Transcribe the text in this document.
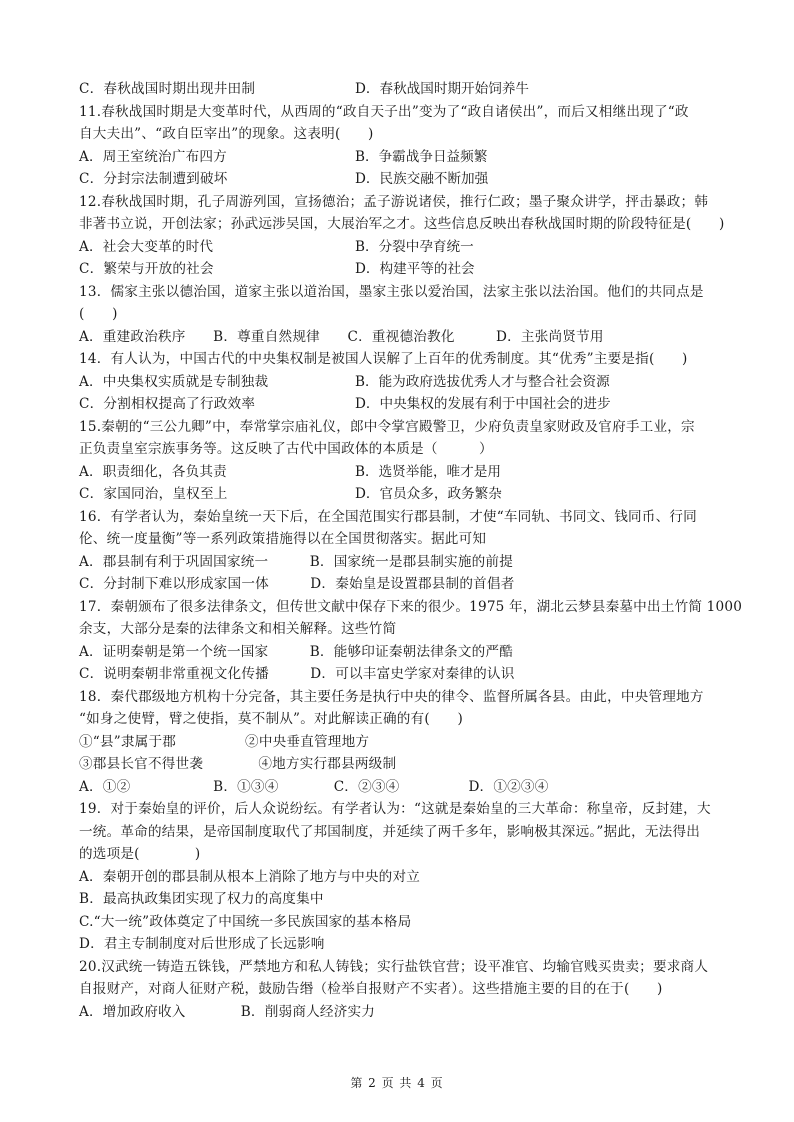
C．春秋战国时期出现井田制	D．春秋战国时期开始饲养牛
11.春秋战国时期是大变革时代，从西周的“政自天子出”变为了“政自诸侯出”，而后又相继出现了“政
自大夫出”、“政自臣宰出”的现象。这表明(　　)
A．周王室统治广布四方	B．争霸战争日益频繁
C．分封宗法制遭到破坏	D．民族交融不断加强
12.春秋战国时期，孔子周游列国，宣扬德治；孟子游说诸侯，推行仁政；墨子聚众讲学，抨击暴政；韩
非著书立说，开创法家；孙武远涉吴国，大展治军之才。这些信息反映出春秋战国时期的阶段特征是(　　)
A．社会大变革的时代	B．分裂中孕育统一
C．繁荣与开放的社会	D．构建平等的社会
13．儒家主张以德治国，道家主张以道治国，墨家主张以爱治国，法家主张以法治国。他们的共同点是
(　　)
A．重建政治秩序　　B．尊重自然规律　　C．重视德治教化　　　D．主张尚贤节用
14．有人认为，中国古代的中央集权制是被国人误解了上百年的优秀制度。其“优秀”主要是指(　　)
A．中央集权实质就是专制独裁	B．能为政府选拔优秀人才与整合社会资源
C．分割相权提高了行政效率	D．中央集权的发展有利于中国社会的进步
15.秦朝的“三公九卿”中，奉常掌宗庙礼仪，郎中令掌宫殿警卫，少府负责皇家财政及官府手工业，宗
正负责皇室宗族事务等。这反映了古代中国政体的本质是（　　　）
A．职责细化，各负其责	B．选贤举能，唯才是用
C．家国同治，皇权至上	D．官员众多，政务繁杂
16．有学者认为，秦始皇统一天下后，在全国范围实行郡县制，才使“车同轨、书同文、钱同币、行同
伦、统一度量衡”等一系列政策措施得以在全国贯彻落实。据此可知
A．郡县制有利于巩固国家统一　　　B．国家统一是郡县制实施的前提
C．分封制下难以形成家国一体　　　D．秦始皇是设置郡县制的首倡者
17．秦朝颁布了很多法律条文，但传世文献中保存下来的很少。1975 年，湖北云梦县秦墓中出土竹简 1000
余支，大部分是秦的法律条文和相关解释。这些竹简
A．证明秦朝是第一个统一国家　　　B．能够印证秦朝法律条文的严酷
C．说明秦朝非常重视文化传播　　　D．可以丰富史学家对秦律的认识
18．秦代郡级地方机构十分完备，其主要任务是执行中央的律令、监督所属各县。由此，中央管理地方
“如身之使臂，臂之使指，莫不制从”。对此解读正确的有(　　)
①“县”隶属于郡　　　　　②中央垂直管理地方
③郡县长官不得世袭　　　　④地方实行郡县两级制
A．①②　　　　　　B．①③④　　　　C．②③④　　　　　D．①②③④
19．对于秦始皇的评价，后人众说纷纭。有学者认为：“这就是秦始皇的三大革命：称皇帝，反封建，大
一统。革命的结果，是帝国制度取代了邦国制度，并延续了两千多年，影响极其深远。”据此，无法得出
的选项是(　　　　)
A．秦朝开创的郡县制从根本上消除了地方与中央的对立
B．最高执政集团实现了权力的高度集中
C.“大一统”政体奠定了中国统一多民族国家的基本格局
D．君主专制制度对后世形成了长远影响
20.汉武统一铸造五铢钱，严禁地方和私人铸钱；实行盐铁官营；设平准官、均输官贱买贵卖；要求商人
自报财产，对商人征财产税，鼓励告缗（检举自报财产不实者）。这些措施主要的目的在于(　　)
A．增加政府收入　　　　B．削弱商人经济实力
第 2 页 共 4 页
